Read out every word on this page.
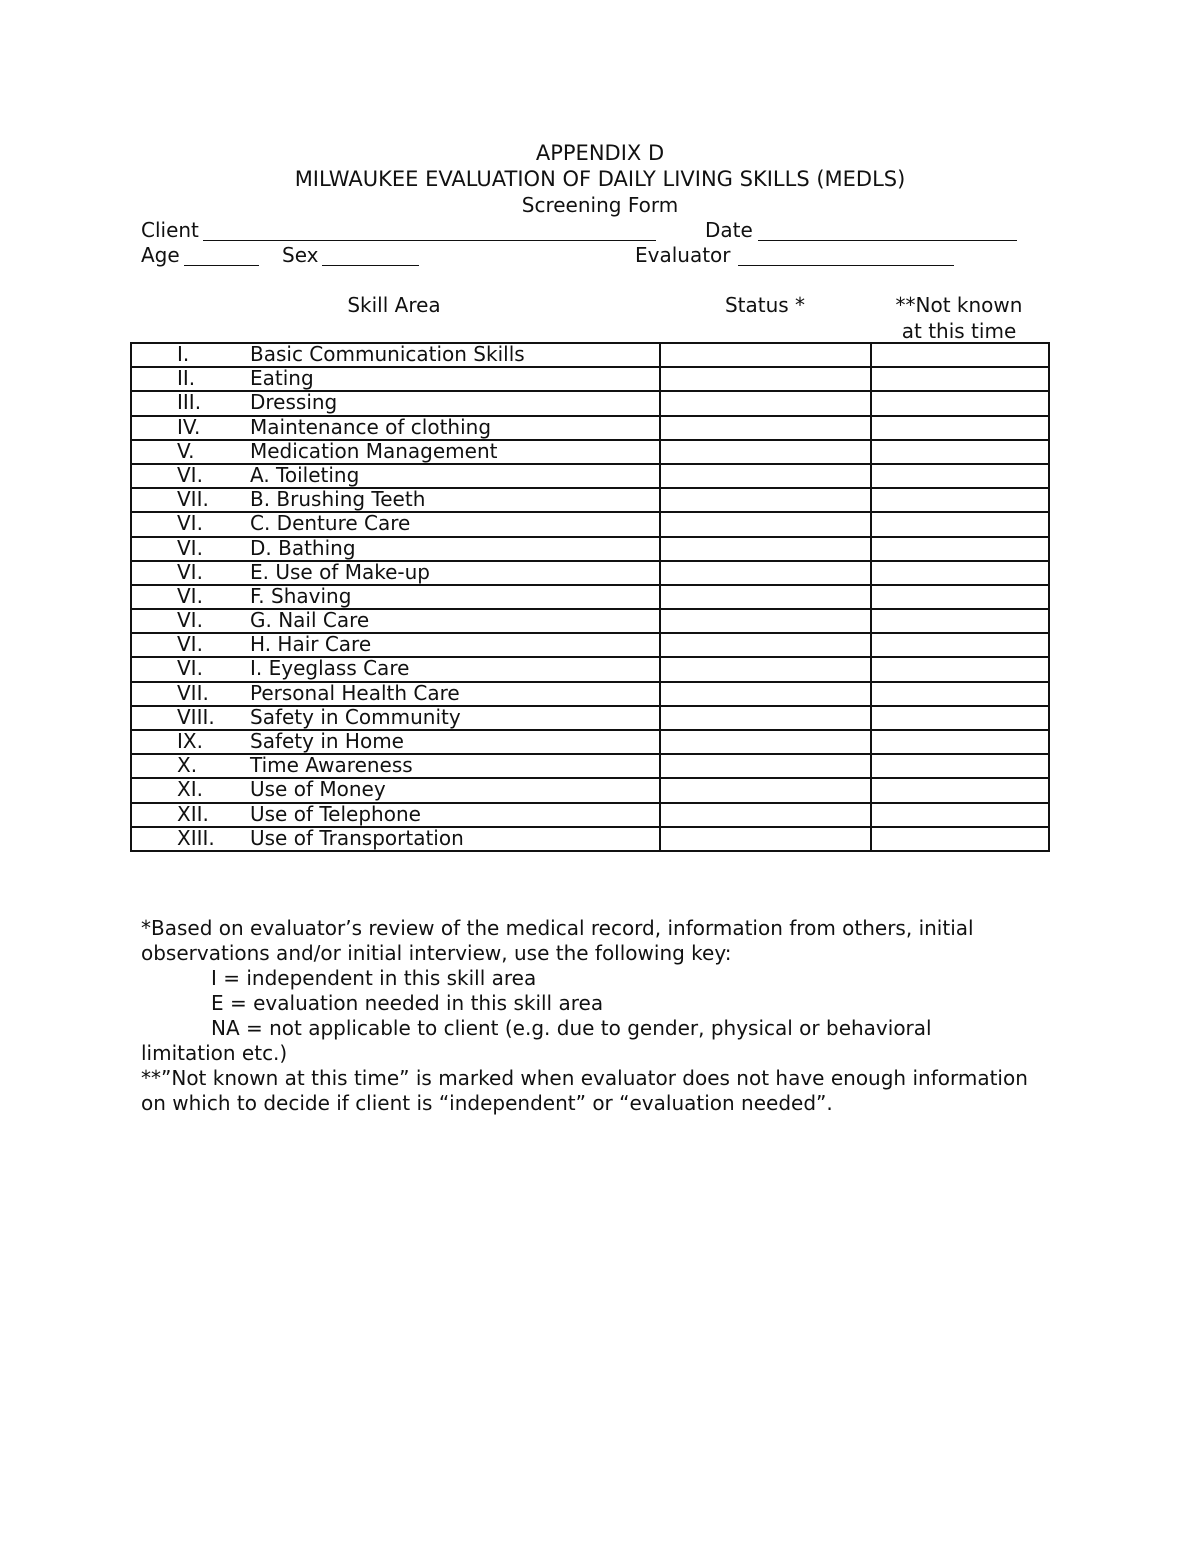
APPENDIX D
MILWAUKEE EVALUATION OF DAILY LIVING SKILLS (MEDLS)
Screening Form
Client	Date
Age	Sex	Evaluator
Skill Area	Status *	**Not known
at this time
I. Basic Communication Skills		
II. Eating		
III. Dressing		
IV. Maintenance of clothing		
V. Medication Management		
VI. A. Toileting		
VII. B. Brushing Teeth		
VI. C. Denture Care		
VI. D. Bathing		
VI. E. Use of Make-up		
VI. F. Shaving		
VI. G. Nail Care		
VI. H. Hair Care		
VI. I. Eyeglass Care		
VII. Personal Health Care		
VIII. Safety in Community		
IX. Safety in Home		
X. Time Awareness		
XI. Use of Money		
XII. Use of Telephone		
XIII. Use of Transportation		

*Based on evaluator’s review of the medical record, information from others, initial observations and/or initial interview, use the following key:

I = independent in this skill area

E = evaluation needed in this skill area

NA = not applicable to client (e.g. due to gender, physical or behavioral

limitation etc.)

**”Not known at this time” is marked when evaluator does not have enough information on which to decide if client is “independent” or “evaluation needed”.
